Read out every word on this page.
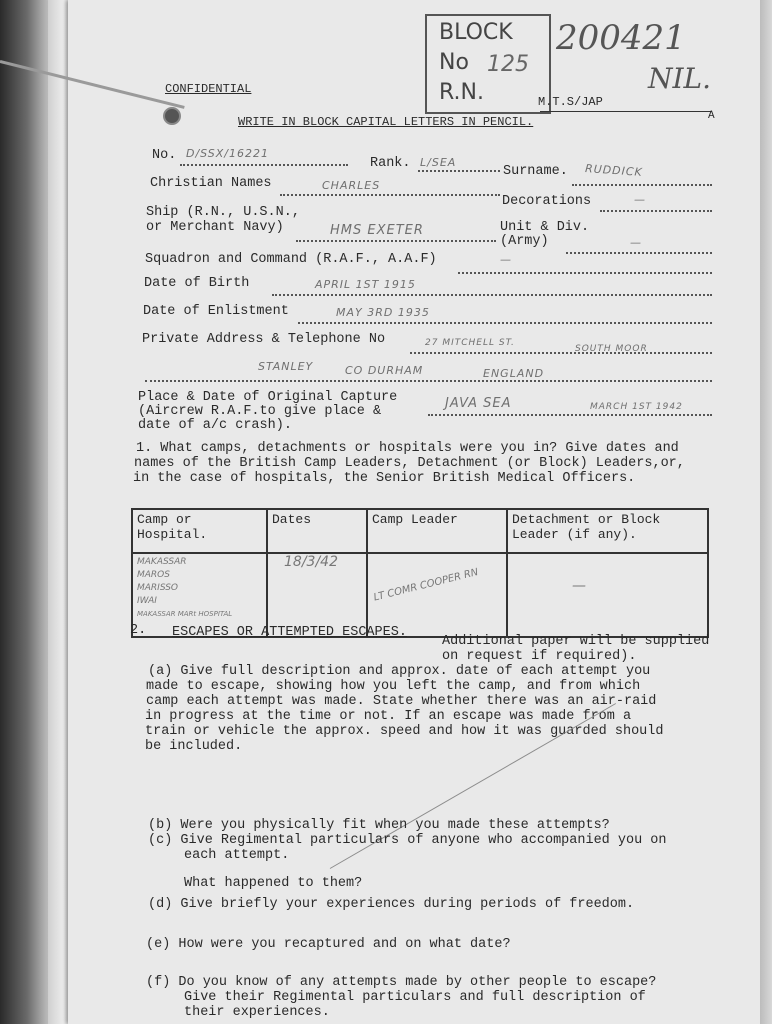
BLOCK
No 125
R.N.
200421
NIL.
CONFIDENTIAL
M.T.S/JAP
A
WRITE IN BLOCK CAPITAL LETTERS IN PENCIL.
No. D/SSX/16221
Rank. L/SEA
Surname. RUDDICK
Christian Names	CHARLES
Decorations	—
Ship (R.N., U.S.N.,
or Merchant Navy)	HMS EXETER	Unit & Div.
(Army)	—
Squadron and Command (R.A.F., A.A.F)	—
Date of Birth	APRIL 1ST 1915
Date of Enlistment	MAY 3RD 1935
Private Address & Telephone No	27 MITCHELL ST.
SOUTH MOOR
STANLEY	CO DURHAM	ENGLAND
Place & Date of Original Capture
(Aircrew R.A.F.to give place &
date of a/c crash).
JAVA SEA	MARCH 1ST 1942
1. What camps, detachments or hospitals were you in? Give dates and
names of the British Camp Leaders, Detachment (or Block) Leaders,or,
in the case of hospitals, the Senior British Medical Officers.
Camp or Hospital.	Dates	Camp Leader	Detachment or Block Leader (if any).

MAKASSAR
MAROS
MARISSO
IWAI
MAKASSAR MARt HOSPITAL	18/3/42	LT COMR COOPER RN	—
2. ESCAPES OR ATTEMPTED ESCAPES.
Additional paper will be supplied
on request if required).
(a) Give full description and approx. date of each attempt you
made to escape, showing how you left the camp, and from which
camp each attempt was made. State whether there was an air-raid
in progress at the time or not. If an escape was made from a
train or vehicle the approx. speed and how it was guarded should
be included.
(b) Were you physically fit when you made these attempts?
(c) Give Regimental particulars of anyone who accompanied you on
each attempt.
What happened to them?
(d) Give briefly your experiences during periods of freedom.
(e) How were you recaptured and on what date?
(f) Do you know of any attempts made by other people to escape?
Give their Regimental particulars and full description of
their experiences.
